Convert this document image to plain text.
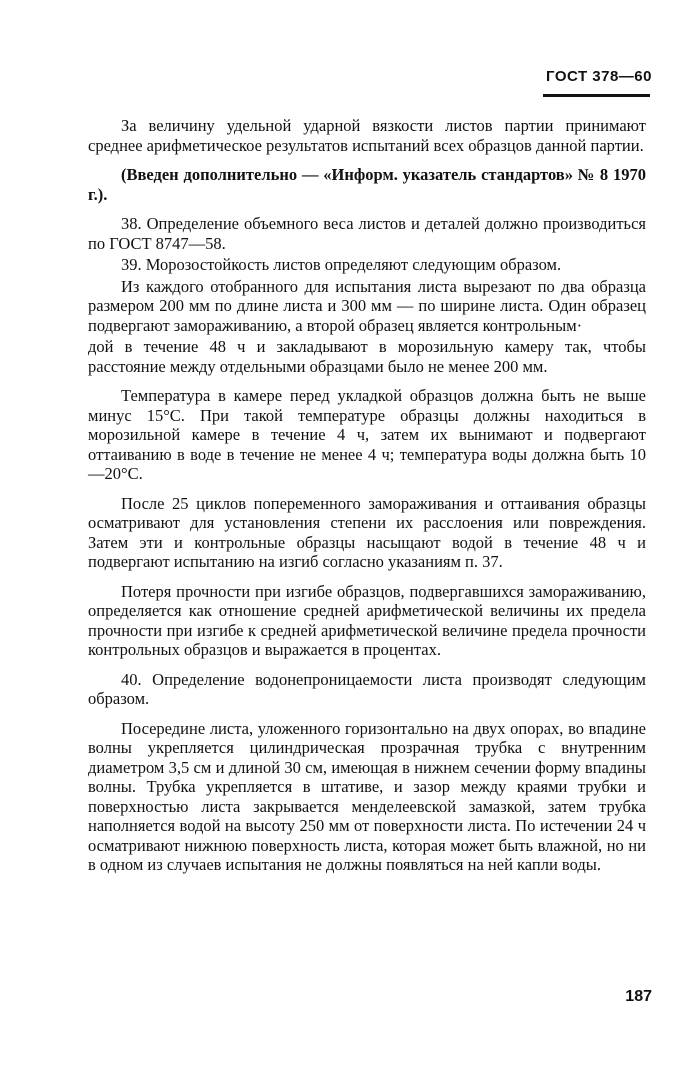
ГОСТ 378—60

За величину удельной ударной вязкости листов партии принимают среднее арифметическое результатов испытаний всех образцов данной партии.

(Введен дополнительно — «Информ. указатель стандартов» № 8 1970 г.).

38. Определение объемного веса листов и деталей должно производиться по ГОСТ 8747—58.

39. Морозостойкость листов определяют следующим образом.

Из каждого отобранного для испытания листа вырезают по два образца размером 200 мм по длине листа и 300 мм — по ширине листа. Один образец подвергают замораживанию, а второй образец является контрольным·

дой в течение 48 ч и закладывают в морозильную камеру так, чтобы расстояние между отдельными образцами было не менее 200 мм.

Температура в камере перед укладкой образцов должна быть не выше минус 15°С. При такой температуре образцы должны находиться в морозильной камере в течение 4 ч, затем их вынимают и подвергают оттаиванию в воде в течение не менее 4 ч; температура воды должна быть 10—20°С.

После 25 циклов попеременного замораживания и оттаивания образцы осматривают для установления степени их расслоения или повреждения. Затем эти и контрольные образцы насыщают водой в течение 48 ч и подвергают испытанию на изгиб согласно указаниям п. 37.

Потеря прочности при изгибе образцов, подвергавшихся замораживанию, определяется как отношение средней арифметической величины их предела прочности при изгибе к средней арифметической величине предела прочности контрольных образцов и выражается в процентах.

40. Определение водонепроницаемости листа производят следующим образом.

Посередине листа, уложенного горизонтально на двух опорах, во впадине волны укрепляется цилиндрическая прозрачная трубка с внутренним диаметром 3,5 см и длиной 30 см, имеющая в нижнем сечении форму впадины волны. Трубка укрепляется в штативе, и зазор между краями трубки и поверхностью листа закрывается менделеевской замазкой, затем трубка наполняется водой на высоту 250 мм от поверхности листа. По истечении 24 ч осматривают нижнюю поверхность листа, которая может быть влажной, но ни в одном из случаев испытания не должны появляться на ней капли воды.

187
